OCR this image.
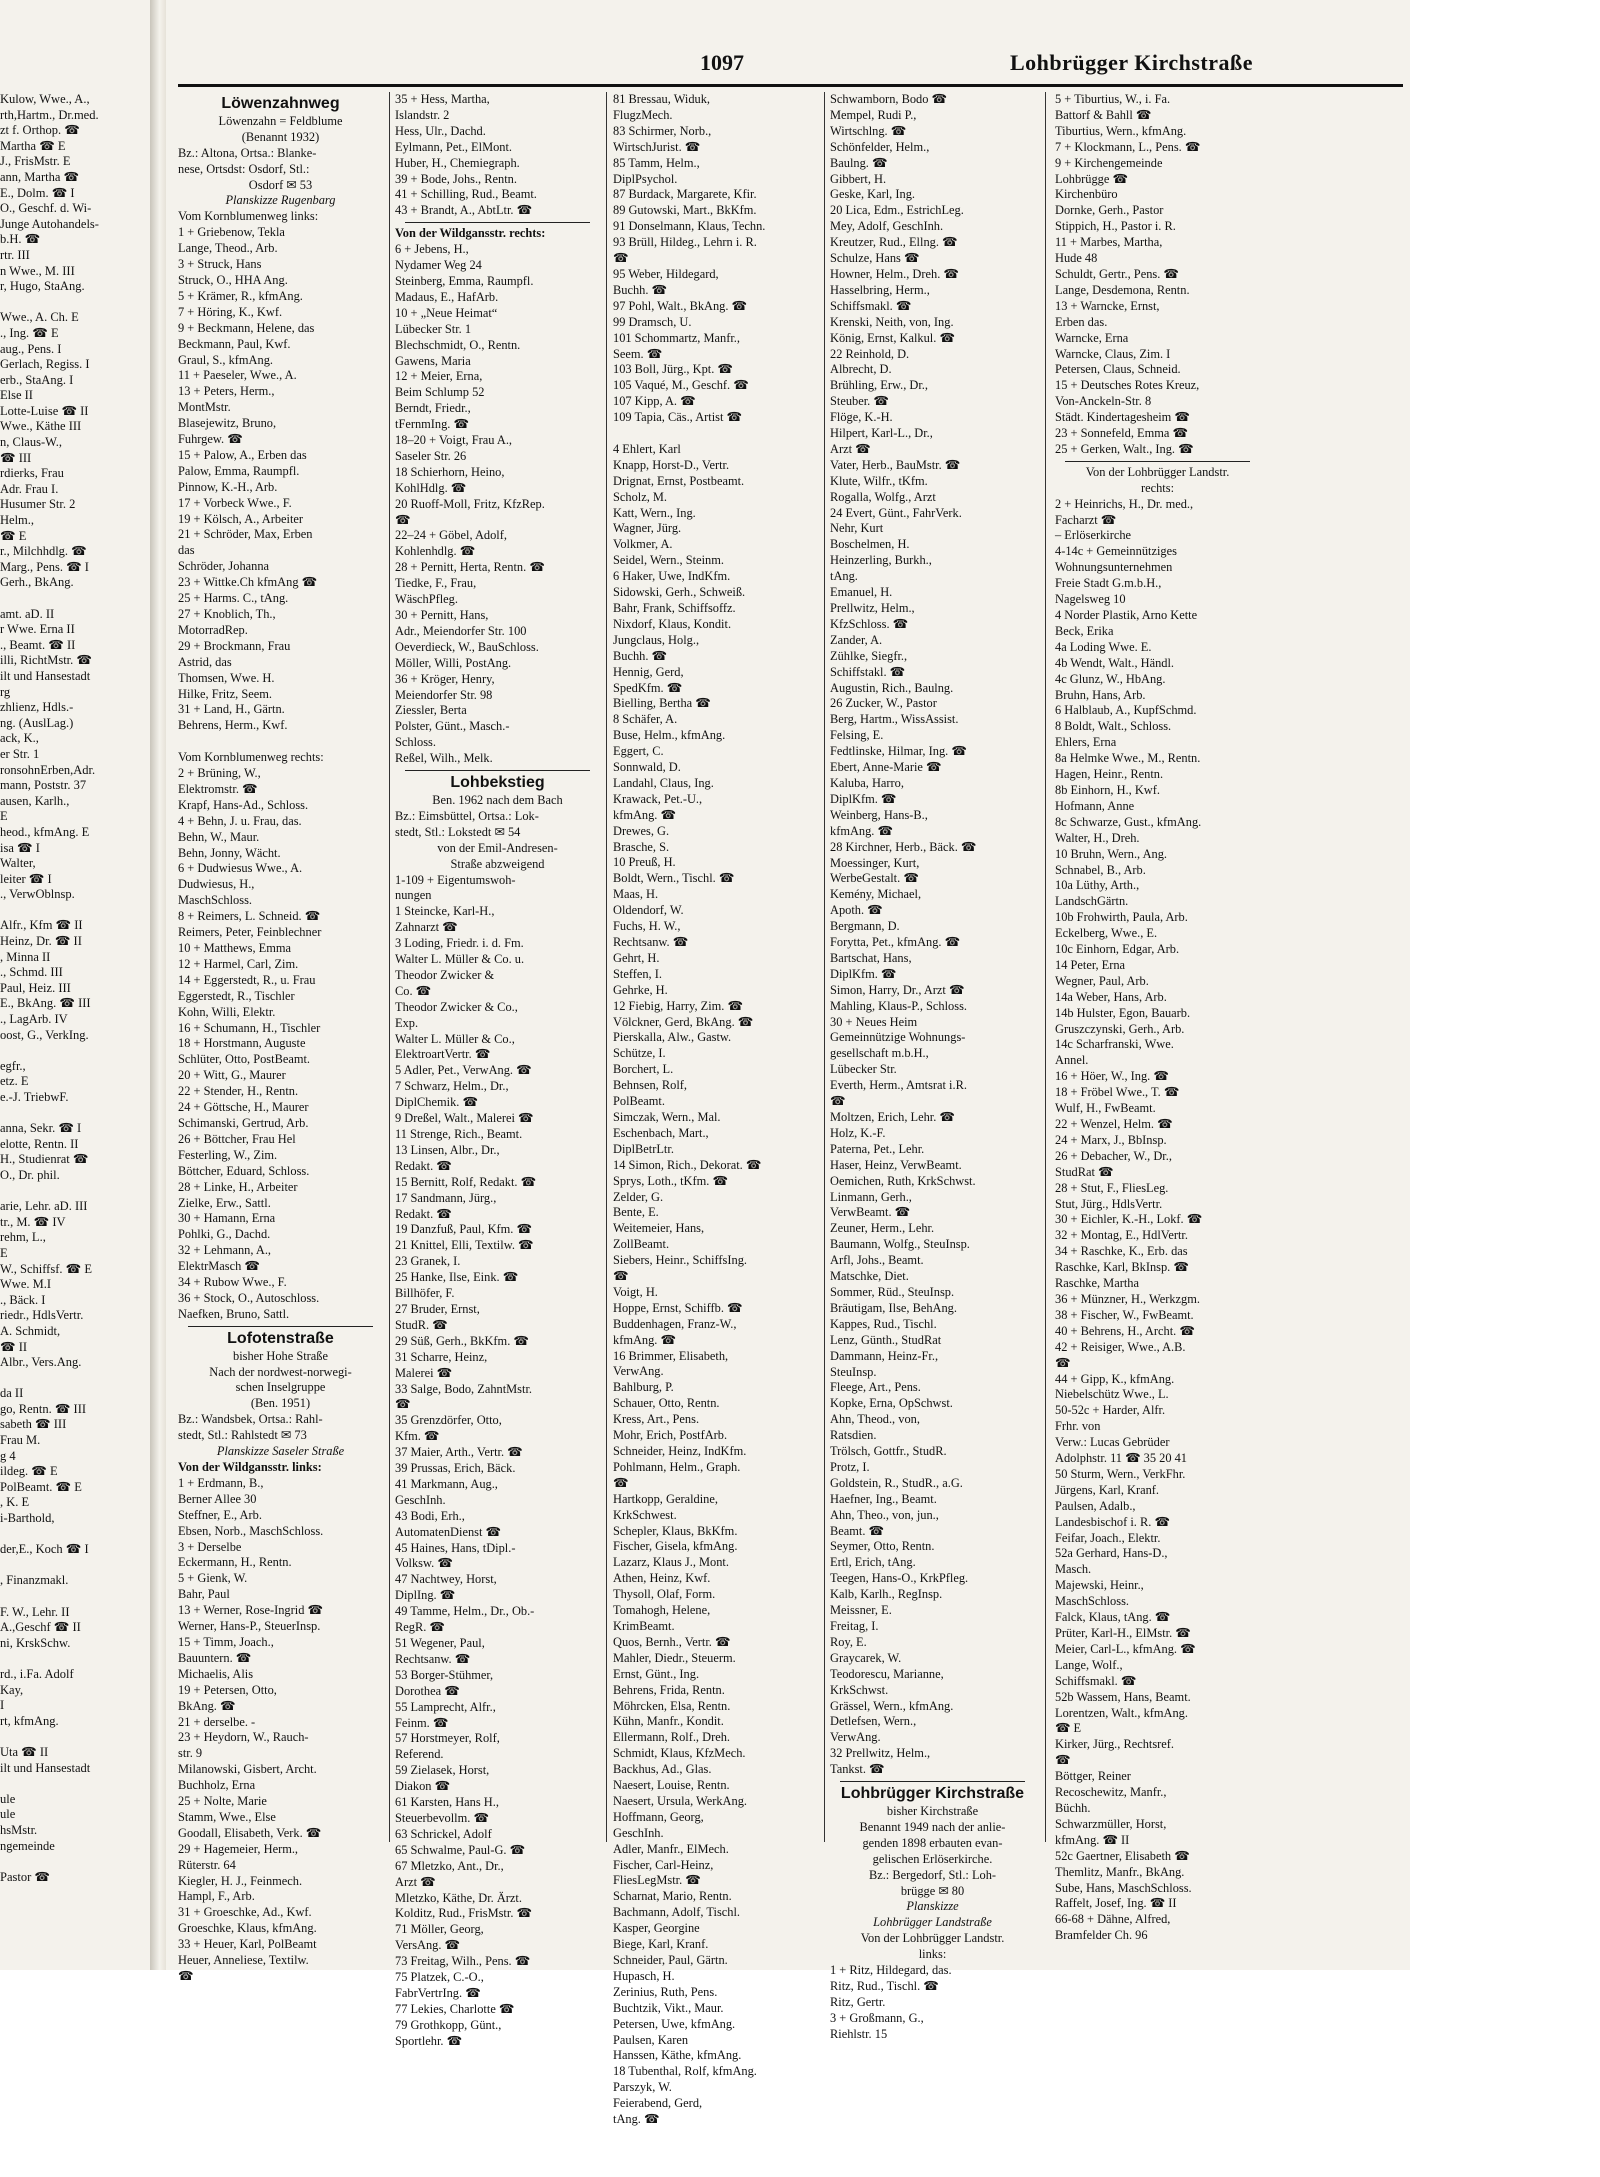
Kulow, Wwe., A.,
rth,Hartm., Dr.med.
zt f. Orthop. ☎
Martha ☎ E
J., FrisMstr. E
ann, Martha ☎
E., Dolm. ☎ I
O., Geschf. d. Wi-
Junge Autohandels-
b.H. ☎
rtr. III
n Wwe., M. III
r, Hugo, StaAng.
Wwe., A. Ch. E
., Ing. ☎ E
aug., Pens. I
Gerlach, Regiss. I
erb., StaAng. I
Else II
Lotte-Luise ☎ II
Wwe., Käthe III
n, Claus-W.,
☎ III
rdierks, Frau
Adr. Frau I.
Husumer Str. 2
Helm.,
☎ E
r., Milchhdlg. ☎
Marg., Pens. ☎ I
Gerh., BkAng.
amt. aD. II
r Wwe. Erna II
., Beamt. ☎ II
illi, RichtMstr. ☎
ilt und Hansestadt
rg
zhlienz, Hdls.-
ng. (AuslLag.)
ack, K.,
er Str. 1
ronsohnErben,Adr.
mann, Poststr. 37
ausen, Karlh.,
E
heod., kfmAng. E
isa ☎ I
Walter,
leiter ☎ I
., VerwOblnsp.
Alfr., Kfm ☎ II
Heinz, Dr. ☎ II
, Minna II
., Schmd. III
Paul, Heiz. III
E., BkAng. ☎ III
., LagArb. IV
oost, G., VerkIng.
egfr.,
etz. E
e.-J. TriebwF.
anna, Sekr. ☎ I
elotte, Rentn. II
H., Studienrat ☎
O., Dr. phil.
arie, Lehr. aD. III
tr., M. ☎ IV
rehm, L.,
E
W., Schiffsf. ☎ E
Wwe. M.I
., Bäck. I
riedr., HdlsVertr.
A. Schmidt,
☎ II
Albr., Vers.Ang.
da II
go, Rentn. ☎ III
sabeth ☎ III
Frau M.
g 4
ildeg. ☎ E
PolBeamt. ☎ E
, K. E
i-Barthold,
der,E., Koch ☎ I
, Finanzmakl.
F. W., Lehr. II
A.,Geschf ☎ II
ni, KrskSchw.
rd., i.Fa. Adolf
Kay,
I
rt, kfmAng.
Uta ☎ II
ilt und Hansestadt
ule
ule
hsMstr.
ngemeinde
Pastor ☎
1097	Lohbrügger Kirchstraße
Löwenzahnweg
Löwenzahn = Feldblume
(Benannt 1932)
Bz.: Altona, Ortsa.: Blanke-
nese, Ortsdst: Osdorf, Stl.:
Osdorf ✉ 53
Planskizze Rugenbarg
Vom Kornblumenweg links:
1 + Griebenow, Tekla
Lange, Theod., Arb.
3 + Struck, Hans
Struck, O., HHA Ang.
5 + Krämer, R., kfmAng.
7 + Höring, K., Kwf.
9 + Beckmann, Helene, das
Beckmann, Paul, Kwf.
Graul, S., kfmAng.
11 + Paeseler, Wwe., A.
13 + Peters, Herm.,
MontMstr.
Blasejewitz, Bruno,
Fuhrgew. ☎
15 + Palow, A., Erben das
Palow, Emma, Raumpfl.
Pinnow, K.-H., Arb.
17 + Vorbeck Wwe., F.
19 + Kölsch, A., Arbeiter
21 + Schröder, Max, Erben
das
Schröder, Johanna
23 + Wittke.Ch kfmAng ☎
25 + Harms. C., tAng.
27 + Knoblich, Th.,
MotorradRep.
29 + Brockmann, Frau
Astrid, das
Thomsen, Wwe. H.
Hilke, Fritz, Seem.
31 + Land, H., Gärtn.
Behrens, Herm., Kwf.
Vom Kornblumenweg rechts:
2 + Brüning, W.,
Elektromstr. ☎
Krapf, Hans-Ad., Schloss.
4 + Behn, J. u. Frau, das.
Behn, W., Maur.
Behn, Jonny, Wächt.
6 + Dudwiesus Wwe., A.
Dudwiesus, H.,
MaschSchloss.
8 + Reimers, L. Schneid. ☎
Reimers, Peter, Feinblechner
10 + Matthews, Emma
12 + Harmel, Carl, Zim.
14 + Eggerstedt, R., u. Frau
Eggerstedt, R., Tischler
Kohn, Willi, Elektr.
16 + Schumann, H., Tischler
18 + Horstmann, Auguste
Schlüter, Otto, PostBeamt.
20 + Witt, G., Maurer
22 + Stender, H., Rentn.
24 + Göttsche, H., Maurer
Schimanski, Gertrud, Arb.
26 + Böttcher, Frau Hel
Festerling, W., Zim.
Böttcher, Eduard, Schloss.
28 + Linke, H., Arbeiter
Zielke, Erw., Sattl.
30 + Hamann, Erna
Pohlki, G., Dachd.
32 + Lehmann, A.,
ElektrMasch ☎
34 + Rubow Wwe., F.
36 + Stock, O., Autoschloss.
Naefken, Bruno, Sattl.
Lofotenstraße
bisher Hohe Straße
Nach der nordwest-norwegi-
schen Inselgruppe
(Ben. 1951)
Bz.: Wandsbek, Ortsa.: Rahl-
stedt, Stl.: Rahlstedt ✉ 73
Planskizze Saseler Straße
Von der Wildgansstr. links:
1 + Erdmann, B.,
Berner Allee 30
Steffner, E., Arb.
Ebsen, Norb., MaschSchloss.
3 + Derselbe
Eckermann, H., Rentn.
5 + Gienk, W.
Bahr, Paul
13 + Werner, Rose-Ingrid ☎
Werner, Hans-P., SteuerInsp.
15 + Timm, Joach.,
Bauuntern. ☎
Michaelis, Alis
19 + Petersen, Otto,
BkAng. ☎
21 + derselbe. -
23 + Heydorn, W., Rauch-
str. 9
Milanowski, Gisbert, Archt.
Buchholz, Erna
25 + Nolte, Marie
Stamm, Wwe., Else
Goodall, Elisabeth, Verk. ☎
29 + Hagemeier, Herm.,
Rüterstr. 64
Kiegler, H. J., Feinmech.
Hampl, F., Arb.
31 + Groeschke, Ad., Kwf.
Groeschke, Klaus, kfmAng.
33 + Heuer, Karl, PolBeamt
Heuer, Anneliese, Textilw.
☎
35 + Hess, Martha,
Islandstr. 2
Hess, Ulr., Dachd.
Eylmann, Pet., ElMont.
Huber, H., Chemiegraph.
39 + Bode, Johs., Rentn.
41 + Schilling, Rud., Beamt.
43 + Brandt, A., AbtLtr. ☎
Von der Wildgansstr. rechts:
6 + Jebens, H.,
Nydamer Weg 24
Steinberg, Emma, Raumpfl.
Madaus, E., HafArb.
10 + „Neue Heimat“
Lübecker Str. 1
Blechschmidt, O., Rentn.
Gawens, Maria
12 + Meier, Erna,
Beim Schlump 52
Berndt, Friedr.,
tFernmIng. ☎
18–20 + Voigt, Frau A.,
Saseler Str. 26
18 Schierhorn, Heino,
KohlHdlg. ☎
20 Ruoff-Moll, Fritz, KfzRep.
☎
22–24 + Göbel, Adolf,
Kohlenhdlg. ☎
28 + Pernitt, Herta, Rentn. ☎
Tiedke, F., Frau,
WäschPfleg.
30 + Pernitt, Hans,
Adr., Meiendorfer Str. 100
Oeverdieck, W., BauSchloss.
Möller, Willi, PostAng.
36 + Kröger, Henry,
Meiendorfer Str. 98
Ziessler, Berta
Polster, Günt., Masch.-
Schloss.
Reßel, Wilh., Melk.
Lohbekstieg
Ben. 1962 nach dem Bach
Bz.: Eimsbüttel, Ortsa.: Lok-
stedt, Stl.: Lokstedt ✉ 54
von der Emil-Andresen-
Straße abzweigend
1-109 + Eigentumswoh-
nungen
1 Steincke, Karl-H.,
Zahnarzt ☎
3 Loding, Friedr. i. d. Fm.
Walter L. Müller & Co. u.
Theodor Zwicker &
Co. ☎
Theodor Zwicker & Co.,
Exp.
Walter L. Müller & Co.,
ElektroartVertr. ☎
5 Adler, Pet., VerwAng. ☎
7 Schwarz, Helm., Dr.,
DiplChemik. ☎
9 Dreßel, Walt., Malerei ☎
11 Strenge, Rich., Beamt.
13 Linsen, Albr., Dr.,
Redakt. ☎
15 Bernitt, Rolf, Redakt. ☎
17 Sandmann, Jürg.,
Redakt. ☎
19 Danzfuß, Paul, Kfm. ☎
21 Knittel, Elli, Textilw. ☎
23 Granek, I.
25 Hanke, Ilse, Eink. ☎
Billhöfer, F.
27 Bruder, Ernst,
StudR. ☎
29 Süß, Gerh., BkKfm. ☎
31 Scharre, Heinz,
Malerei ☎
33 Salge, Bodo, ZahntMstr.
☎
35 Grenzdörfer, Otto,
Kfm. ☎
37 Maier, Arth., Vertr. ☎
39 Prussas, Erich, Bäck.
41 Markmann, Aug.,
GeschInh.
43 Bodi, Erh.,
AutomatenDienst ☎
45 Haines, Hans, tDipl.-
Volksw. ☎
47 Nachtwey, Horst,
DiplIng. ☎
49 Tamme, Helm., Dr., Ob.-
RegR. ☎
51 Wegener, Paul,
Rechtsanw. ☎
53 Borger-Stühmer,
Dorothea ☎
55 Lamprecht, Alfr.,
Feinm. ☎
57 Horstmeyer, Rolf,
Referend.
59 Zielasek, Horst,
Diakon ☎
61 Karsten, Hans H.,
Steuerbevollm. ☎
63 Schrickel, Adolf
65 Schwalme, Paul-G. ☎
67 Mletzko, Ant., Dr.,
Arzt ☎
Mletzko, Käthe, Dr. Ärzt.
Kolditz, Rud., FrisMstr. ☎
71 Möller, Georg,
VersAng. ☎
73 Freitag, Wilh., Pens. ☎
75 Platzek, C.-O.,
FabrVertrIng. ☎
77 Lekies, Charlotte ☎
79 Grothkopp, Günt.,
Sportlehr. ☎
81 Bressau, Widuk,
FlugzMech.
83 Schirmer, Norb.,
WirtschJurist. ☎
85 Tamm, Helm.,
DiplPsychol.
87 Burdack, Margarete, Kfir.
89 Gutowski, Mart., BkKfm.
91 Donselmann, Klaus, Techn.
93 Brüll, Hildeg., Lehrn i. R.
☎
95 Weber, Hildegard,
Buchh. ☎
97 Pohl, Walt., BkAng. ☎
99 Dramsch, U.
101 Schommartz, Manfr.,
Seem. ☎
103 Boll, Jürg., Kpt. ☎
105 Vaqué, M., Geschf. ☎
107 Kipp, A. ☎
109 Tapia, Cäs., Artist ☎
4 Ehlert, Karl
Knapp, Horst-D., Vertr.
Drignat, Ernst, Postbeamt.
Scholz, M.
Katt, Wern., Ing.
Wagner, Jürg.
Volkmer, A.
Seidel, Wern., Steinm.
6 Haker, Uwe, IndKfm.
Sidowski, Gerh., Schweiß.
Bahr, Frank, Schiffsoffz.
Nixdorf, Klaus, Kondit.
Jungclaus, Holg.,
Buchh. ☎
Hennig, Gerd,
SpedKfm. ☎
Bielling, Bertha ☎
8 Schäfer, A.
Buse, Helm., kfmAng.
Eggert, C.
Sonnwald, D.
Landahl, Claus, Ing.
Krawack, Pet.-U.,
kfmAng. ☎
Drewes, G.
Brasche, S.
10 Preuß, H.
Boldt, Wern., Tischl. ☎
Maas, H.
Oldendorf, W.
Fuchs, H. W.,
Rechtsanw. ☎
Gehrt, H.
Steffen, I.
Gehrke, H.
12 Fiebig, Harry, Zim. ☎
Völckner, Gerd, BkAng. ☎
Pierskalla, Alw., Gastw.
Schütze, I.
Borchert, L.
Behnsen, Rolf,
PolBeamt.
Simczak, Wern., Mal.
Eschenbach, Mart.,
DiplBetrLtr.
14 Simon, Rich., Dekorat. ☎
Sprys, Loth., tKfm. ☎
Zelder, G.
Bente, E.
Weitemeier, Hans,
ZollBeamt.
Siebers, Heinr., SchiffsIng.
☎
Voigt, H.
Hoppe, Ernst, Schiffb. ☎
Buddenhagen, Franz-W.,
kfmAng. ☎
16 Brimmer, Elisabeth,
VerwAng.
Bahlburg, P.
Schauer, Otto, Rentn.
Kress, Art., Pens.
Mohr, Erich, PostfArb.
Schneider, Heinz, IndKfm.
Pohlmann, Helm., Graph.
☎
Hartkopp, Geraldine,
KrkSchwest.
Schepler, Klaus, BkKfm.
Fischer, Gisela, kfmAng.
Lazarz, Klaus J., Mont.
Athen, Heinz, Kwf.
Thysoll, Olaf, Form.
Tomahogh, Helene,
KrimBeamt.
Quos, Bernh., Vertr. ☎
Mahler, Diedr., Steuerm.
Ernst, Günt., Ing.
Behrens, Frida, Rentn.
Möhrcken, Elsa, Rentn.
Kühn, Manfr., Kondit.
Ellermann, Rolf., Dreh.
Schmidt, Klaus, KfzMech.
Backhus, Ad., Glas.
Naesert, Louise, Rentn.
Naesert, Ursula, WerkAng.
Hoffmann, Georg,
GeschInh.
Adler, Manfr., ElMech.
Fischer, Carl-Heinz,
FliesLegMstr. ☎
Scharnat, Mario, Rentn.
Bachmann, Adolf, Tischl.
Kasper, Georgine
Biege, Karl, Kranf.
Schneider, Paul, Gärtn.
Hupasch, H.
Zerinius, Ruth, Pens.
Buchtzik, Vikt., Maur.
Petersen, Uwe, kfmAng.
Paulsen, Karen
Hanssen, Käthe, kfmAng.
18 Tubenthal, Rolf, kfmAng.
Parszyk, W.
Feierabend, Gerd,
tAng. ☎
Schwamborn, Bodo ☎
Mempel, Rudi P.,
Wirtschlng. ☎
Schönfelder, Helm.,
Baulng. ☎
Gibbert, H.
Geske, Karl, Ing.
20 Lica, Edm., EstrichLeg.
Mey, Adolf, GeschInh.
Kreutzer, Rud., Ellng. ☎
Schulze, Hans ☎
Howner, Helm., Dreh. ☎
Hasselbring, Herm.,
Schiffsmakl. ☎
Krenski, Neith, von, Ing.
König, Ernst, Kalkul. ☎
22 Reinhold, D.
Albrecht, D.
Brühling, Erw., Dr.,
Steuber. ☎
Flöge, K.-H.
Hilpert, Karl-L., Dr.,
Arzt ☎
Vater, Herb., BauMstr. ☎
Klute, Wilfr., tKfm.
Rogalla, Wolfg., Arzt
24 Evert, Günt., FahrVerk.
Nehr, Kurt
Boschelmen, H.
Heinzerling, Burkh.,
tAng.
Emanuel, H.
Prellwitz, Helm.,
KfzSchloss. ☎
Zander, A.
Zühlke, Siegfr.,
Schiffstakl. ☎
Augustin, Rich., Baulng.
26 Zucker, W., Pastor
Berg, Hartm., WissAssist.
Felsing, E.
Fedtlinske, Hilmar, Ing. ☎
Ebert, Anne-Marie ☎
Kaluba, Harro,
DiplKfm. ☎
Weinberg, Hans-B.,
kfmAng. ☎
28 Kirchner, Herb., Bäck. ☎
Moessinger, Kurt,
WerbeGestalt. ☎
Kemény, Michael,
Apoth. ☎
Bergmann, D.
Forytta, Pet., kfmAng. ☎
Bartschat, Hans,
DiplKfm. ☎
Simon, Harry, Dr., Arzt ☎
Mahling, Klaus-P., Schloss.
30 + Neues Heim
Gemeinnützige Wohnungs-
gesellschaft m.b.H.,
Lübecker Str.
Everth, Herm., Amtsrat i.R.
☎
Moltzen, Erich, Lehr. ☎
Holz, K.-F.
Paterna, Pet., Lehr.
Haser, Heinz, VerwBeamt.
Oemichen, Ruth, KrkSchwst.
Linmann, Gerh.,
VerwBeamt. ☎
Zeuner, Herm., Lehr.
Baumann, Wolfg., SteuInsp.
Arfl, Johs., Beamt.
Matschke, Diet.
Sommer, Rüd., SteuInsp.
Bräutigam, Ilse, BehAng.
Kappes, Rud., Tischl.
Lenz, Günth., StudRat
Dammann, Heinz-Fr.,
SteuInsp.
Fleege, Art., Pens.
Kopke, Erna, OpSchwst.
Ahn, Theod., von,
Ratsdien.
Trölsch, Gottfr., StudR.
Protz, I.
Goldstein, R., StudR., a.G.
Haefner, Ing., Beamt.
Ahn, Theo., von, jun.,
Beamt. ☎
Seymer, Otto, Rentn.
Ertl, Erich, tAng.
Teegen, Hans-O., KrkPfleg.
Kalb, Karlh., RegInsp.
Meissner, E.
Freitag, I.
Roy, E.
Graycarek, W.
Teodorescu, Marianne,
KrkSchwst.
Grässel, Wern., kfmAng.
Detlefsen, Wern.,
VerwAng.
32 Prellwitz, Helm.,
Tankst. ☎
Lohbrügger Kirchstraße
bisher Kirchstraße
Benannt 1949 nach der anlie-
genden 1898 erbauten evan-
gelischen Erlöserkirche.
Bz.: Bergedorf, Stl.: Loh-
brügge ✉ 80
Planskizze
Lohbrügger Landstraße
Von der Lohbrügger Landstr.
links:
1 + Ritz, Hildegard, das.
Ritz, Rud., Tischl. ☎
Ritz, Gertr.
3 + Großmann, G.,
Riehlstr. 15
5 + Tiburtius, W., i. Fa.
Battorf & Bahll ☎
Tiburtius, Wern., kfmAng.
7 + Klockmann, L., Pens. ☎
9 + Kirchengemeinde
Lohbrügge ☎
Kirchenbüro
Dornke, Gerh., Pastor
Stippich, H., Pastor i. R.
11 + Marbes, Martha,
Hude 48
Schuldt, Gertr., Pens. ☎
Lange, Desdemona, Rentn.
13 + Warncke, Ernst,
Erben das.
Warncke, Erna
Warncke, Claus, Zim. I
Petersen, Claus, Schneid.
15 + Deutsches Rotes Kreuz,
Von-Anckeln-Str. 8
Städt. Kindertagesheim ☎
23 + Sonnefeld, Emma ☎
25 + Gerken, Walt., Ing. ☎
Von der Lohbrügger Landstr.
rechts:
2 + Heinrichs, H., Dr. med.,
Facharzt ☎
– Erlöserkirche
4-14c + Gemeinnütziges
Wohnungsunternehmen
Freie Stadt G.m.b.H.,
Nagelsweg 10
4 Norder Plastik, Arno Kette
Beck, Erika
4a Loding Wwe. E.
4b Wendt, Walt., Händl.
4c Glunz, W., HbAng.
Bruhn, Hans, Arb.
6 Halblaub, A., KupfSchmd.
8 Boldt, Walt., Schloss.
Ehlers, Erna
8a Helmke Wwe., M., Rentn.
Hagen, Heinr., Rentn.
8b Einhorn, H., Kwf.
Hofmann, Anne
8c Schwarze, Gust., kfmAng.
Walter, H., Dreh.
10 Bruhn, Wern., Ang.
Schnabel, B., Arb.
10a Lüthy, Arth.,
LandschGärtn.
10b Frohwirth, Paula, Arb.
Eckelberg, Wwe., E.
10c Einhorn, Edgar, Arb.
14 Peter, Erna
Wegner, Paul, Arb.
14a Weber, Hans, Arb.
14b Hulster, Egon, Bauarb.
Gruszczynski, Gerh., Arb.
14c Scharfranski, Wwe.
Annel.
16 + Höer, W., Ing. ☎
18 + Fröbel Wwe., T. ☎
Wulf, H., FwBeamt.
22 + Wenzel, Helm. ☎
24 + Marx, J., BbInsp.
26 + Debacher, W., Dr.,
StudRat ☎
28 + Stut, F., FliesLeg.
Stut, Jürg., HdlsVertr.
30 + Eichler, K.-H., Lokf. ☎
32 + Montag, E., HdlVertr.
34 + Raschke, K., Erb. das
Raschke, Karl, BkInsp. ☎
Raschke, Martha
36 + Münzner, H., Werkzgm.
38 + Fischer, W., FwBeamt.
40 + Behrens, H., Archt. ☎
42 + Reisiger, Wwe., A.B.
☎
44 + Gipp, K., kfmAng.
Niebelschütz Wwe., L.
50-52c + Harder, Alfr.
Frhr. von
Verw.: Lucas Gebrüder
Adolphstr. 11 ☎ 35 20 41
50 Sturm, Wern., VerkFhr.
Jürgens, Karl, Kranf.
Paulsen, Adalb.,
Landesbischof i. R. ☎
Feifar, Joach., Elektr.
52a Gerhard, Hans-D.,
Masch.
Majewski, Heinr.,
MaschSchloss.
Falck, Klaus, tAng. ☎
Prüter, Karl-H., ElMstr. ☎
Meier, Carl-L., kfmAng. ☎
Lange, Wolf.,
Schiffsmakl. ☎
52b Wassem, Hans, Beamt.
Lorentzen, Walt., kfmAng.
☎ E
Kirker, Jürg., Rechtsref.
☎
Böttger, Reiner
Recoschewitz, Manfr.,
Büchh.
Schwarzmüller, Horst,
kfmAng. ☎ II
52c Gaertner, Elisabeth ☎
Themlitz, Manfr., BkAng.
Sube, Hans, MaschSchloss.
Raffelt, Josef, Ing. ☎ II
66-68 + Dähne, Alfred,
Bramfelder Ch. 96
